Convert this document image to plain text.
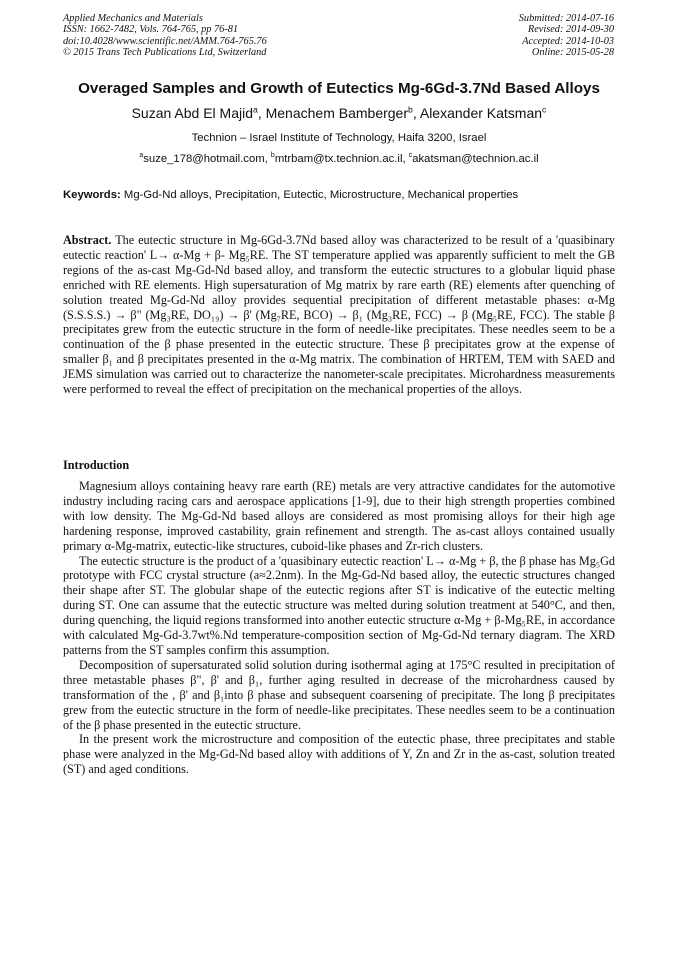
Applied Mechanics and Materials
ISSN: 1662-7482, Vols. 764-765, pp 76-81
doi:10.4028/www.scientific.net/AMM.764-765.76
© 2015 Trans Tech Publications Ltd, Switzerland
Submitted: 2014-07-16
Revised: 2014-09-30
Accepted: 2014-10-03
Online: 2015-05-28
Overaged Samples and Growth of Eutectics Mg-6Gd-3.7Nd Based Alloys
Suzan Abd El Majid$^a$, Menachem Bamberger$^b$, Alexander Katsman$^c$
Technion – Israel Institute of Technology, Haifa 3200, Israel
$^a$suze_178@hotmail.com, $^b$mtrbam@tx.technion.ac.il, $^c$akatsman@technion.ac.il
Keywords: Mg-Gd-Nd alloys, Precipitation, Eutectic, Microstructure, Mechanical properties

Abstract. The eutectic structure in Mg-6Gd-3.7Nd based alloy was characterized to be result of a 'quasibinary eutectic reaction' L→ α-Mg + β- Mg₅RE. The ST temperature applied was apparently sufficient to melt the GB regions of the as-cast Mg-Gd-Nd based alloy, and transform the eutectic structures to a globular liquid phase enriched with RE elements. High supersaturation of Mg matrix by rare earth (RE) elements after quenching of solution treated Mg-Gd-Nd alloy provides sequential precipitation of different metastable phases: α-Mg (S.S.S.S.) → β" (Mg₃RE, DO₁₉) → β' (Mg₇RE, BCO) → β₁ (Mg₃RE, FCC) → β (Mg₅RE, FCC). The stable β precipitates grew from the eutectic structure in the form of needle-like precipitates. These needles seem to be a continuation of the β phase presented in the eutectic structure. These β precipitates grow at the expense of smaller β₁ and β precipitates presented in the α-Mg matrix. The combination of HRTEM, TEM with SAED and JEMS simulation was carried out to characterize the nanometer-scale precipitates. Microhardness measurements were performed to reveal the effect of precipitation on the mechanical properties of the alloys.

Introduction

Magnesium alloys containing heavy rare earth (RE) metals are very attractive candidates for the automotive industry including racing cars and aerospace applications [1-9], due to their high strength properties combined with low density. The Mg-Gd-Nd based alloys are considered as most promising alloys for their high age hardening response, improved castability, grain refinement and strength. The as-cast alloys contained usually primary α-Mg-matrix, eutectic-like structures, cuboid-like phases and Zr-rich clusters.

The eutectic structure is the product of a 'quasibinary eutectic reaction' L→ α-Mg + β, the β phase has Mg₅Gd prototype with FCC crystal structure (a≈2.2nm). In the Mg-Gd-Nd based alloy, the eutectic structures changed their shape after ST. The globular shape of the eutectic regions after ST is indicative of the eutectic melting during ST. One can assume that the eutectic structure was melted during solution treatment at 540°C, and then, during quenching, the liquid regions transformed into another eutectic structure α-Mg + β-Mg₅RE, in accordance with calculated Mg-Gd-3.7wt%.Nd temperature-composition section of Mg-Gd-Nd ternary diagram. The XRD patterns from the ST samples confirm this assumption.

Decomposition of supersaturated solid solution during isothermal aging at 175°C resulted in precipitation of three metastable phases β", β' and β₁, further aging resulted in decrease of the microhardness caused by transformation of the , β' and β₁into β phase and subsequent coarsening of precipitate. The long β precipitates grew from the eutectic structure in the form of needle-like precipitates. These needles seem to be a continuation of the β phase presented in the eutectic structure.

In the present work the microstructure and composition of the eutectic phase, three precipitates and stable phase were analyzed in the Mg-Gd-Nd based alloy with additions of Y, Zn and Zr in the as-cast, solution treated (ST) and aged conditions.
